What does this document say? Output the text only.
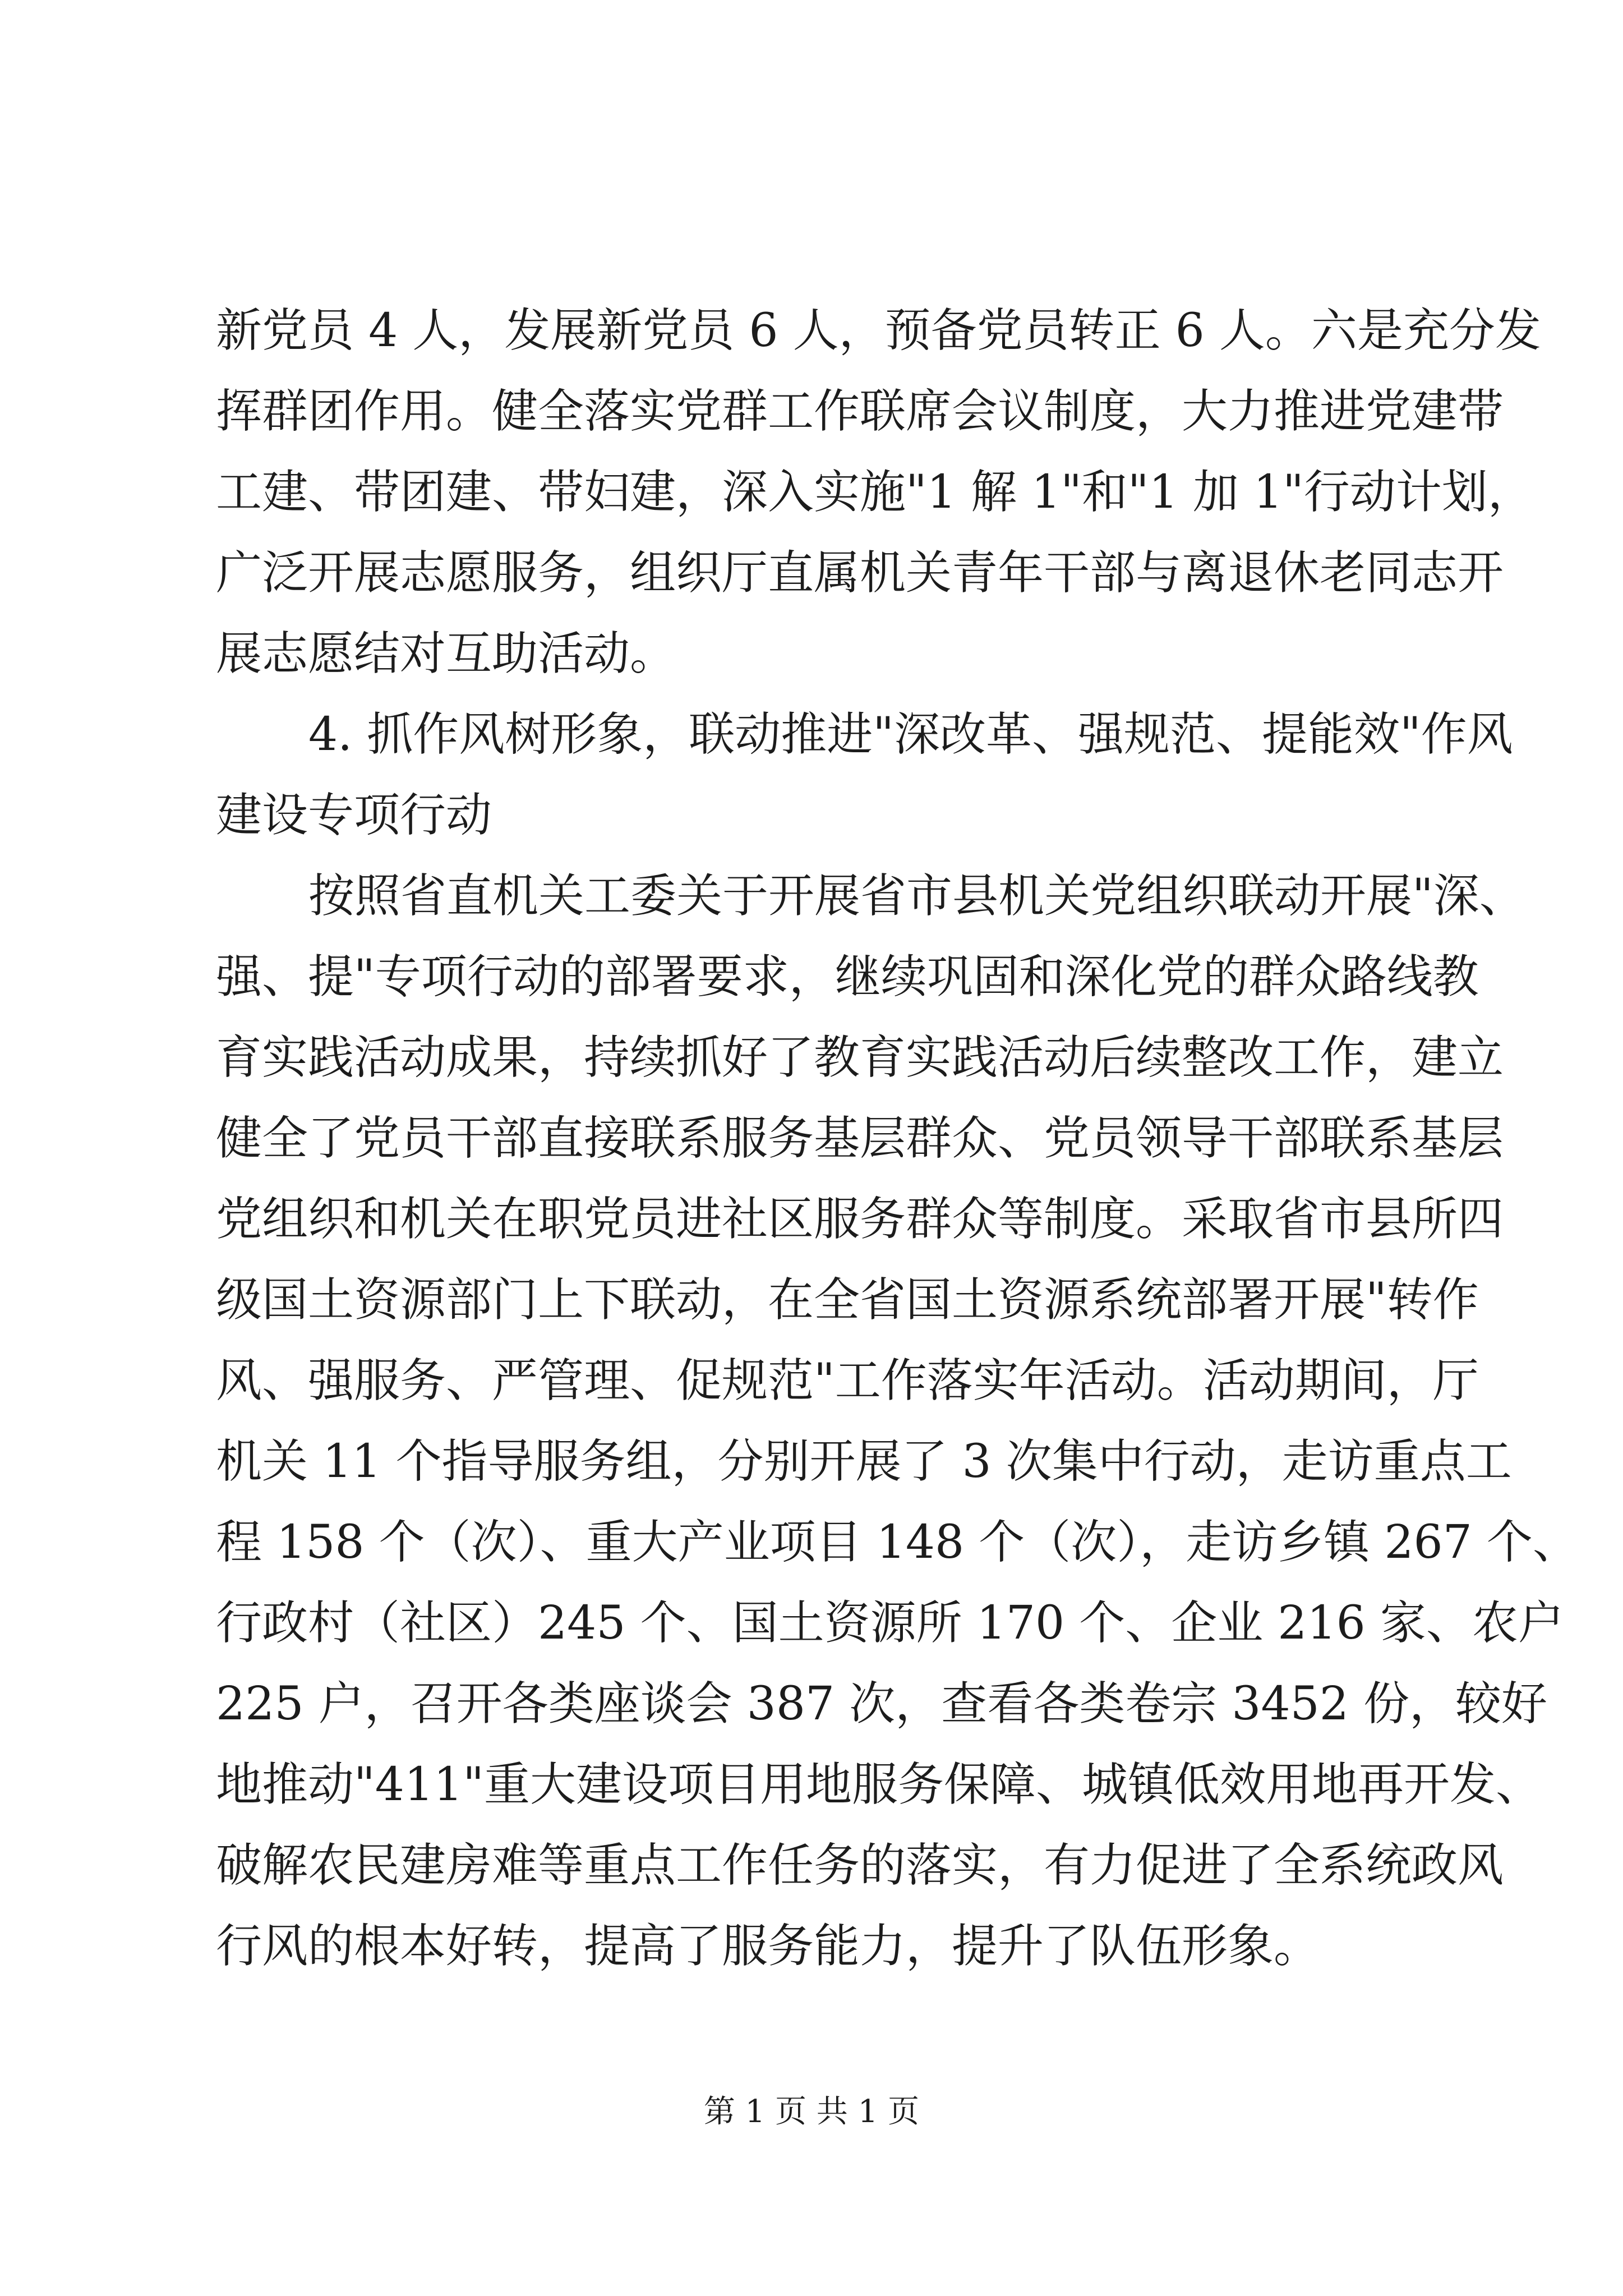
新党员 4 人，发展新党员 6 人，预备党员转正 6 人。六是充分发
挥群团作用。健全落实党群工作联席会议制度，大力推进党建带
工建、带团建、带妇建，深入实施"1 解 1"和"1 加 1"行动计划，
广泛开展志愿服务，组织厅直属机关青年干部与离退休老同志开
展志愿结对互助活动。
4. 抓作风树形象，联动推进"深改革、强规范、提能效"作风
建设专项行动
按照省直机关工委关于开展省市县机关党组织联动开展"深、
强、提"专项行动的部署要求，继续巩固和深化党的群众路线教
育实践活动成果，持续抓好了教育实践活动后续整改工作，建立
健全了党员干部直接联系服务基层群众、党员领导干部联系基层
党组织和机关在职党员进社区服务群众等制度。采取省市县所四
级国土资源部门上下联动，在全省国土资源系统部署开展"转作
风、强服务、严管理、促规范"工作落实年活动。活动期间，厅
机关 11 个指导服务组，分别开展了 3 次集中行动，走访重点工
程 158 个（次）、重大产业项目 148 个（次），走访乡镇 267 个、
行政村（社区）245 个、国土资源所 170 个、企业 216 家、农户
225 户，召开各类座谈会 387 次，查看各类卷宗 3452 份，较好
地推动"411"重大建设项目用地服务保障、城镇低效用地再开发、
破解农民建房难等重点工作任务的落实，有力促进了全系统政风
行风的根本好转，提高了服务能力，提升了队伍形象。
第 1 页 共 1 页
